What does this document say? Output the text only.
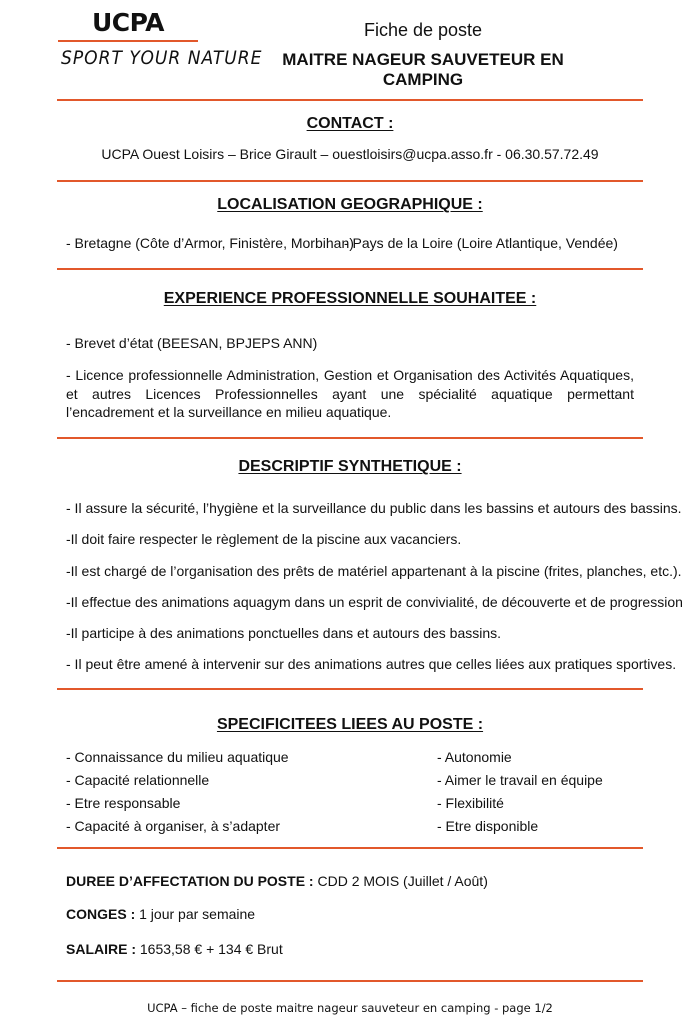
UCPA
SPORT YOUR NATURE
Fiche de poste
MAITRE NAGEUR SAUVETEUR EN CAMPING
CONTACT :
UCPA Ouest Loisirs – Brice Girault – ouestloisirs@ucpa.asso.fr - 06.30.57.72.49
LOCALISATION GEOGRAPHIQUE :
- Bretagne (Côte d’Armor, Finistère, Morbihan)
- Pays de la Loire (Loire Atlantique, Vendée)
EXPERIENCE PROFESSIONNELLE SOUHAITEE :
- Brevet d’état (BEESAN, BPJEPS ANN)
- Licence professionnelle Administration, Gestion et Organisation des Activités Aquatiques, et autres Licences Professionnelles ayant une spécialité aquatique permettant l’encadrement et la surveillance en milieu aquatique.
DESCRIPTIF SYNTHETIQUE :
- Il assure la sécurité, l’hygiène et la surveillance du public dans les bassins et autours des bassins.
-Il doit faire respecter le règlement de la piscine aux vacanciers.
-Il est chargé de l’organisation des prêts de matériel appartenant à la piscine (frites, planches, etc.).
-Il effectue des animations aquagym dans un esprit de convivialité, de découverte et de progression
-Il participe à des animations ponctuelles dans et autours des bassins.
- Il peut être amené à intervenir sur des animations autres que celles liées aux pratiques sportives.
SPECIFICITEES LIEES AU POSTE :
- Connaissance du milieu aquatique
- Capacité relationnelle
- Etre responsable
- Capacité à organiser, à s’adapter
- Autonomie
- Aimer le travail en équipe
- Flexibilité
- Etre disponible
DUREE D’AFFECTATION DU POSTE : CDD 2 MOIS (Juillet / Août)
CONGES : 1 jour par semaine
SALAIRE : 1653,58 € + 134 € Brut
UCPA – fiche de poste maitre nageur sauveteur en camping - page 1/2
